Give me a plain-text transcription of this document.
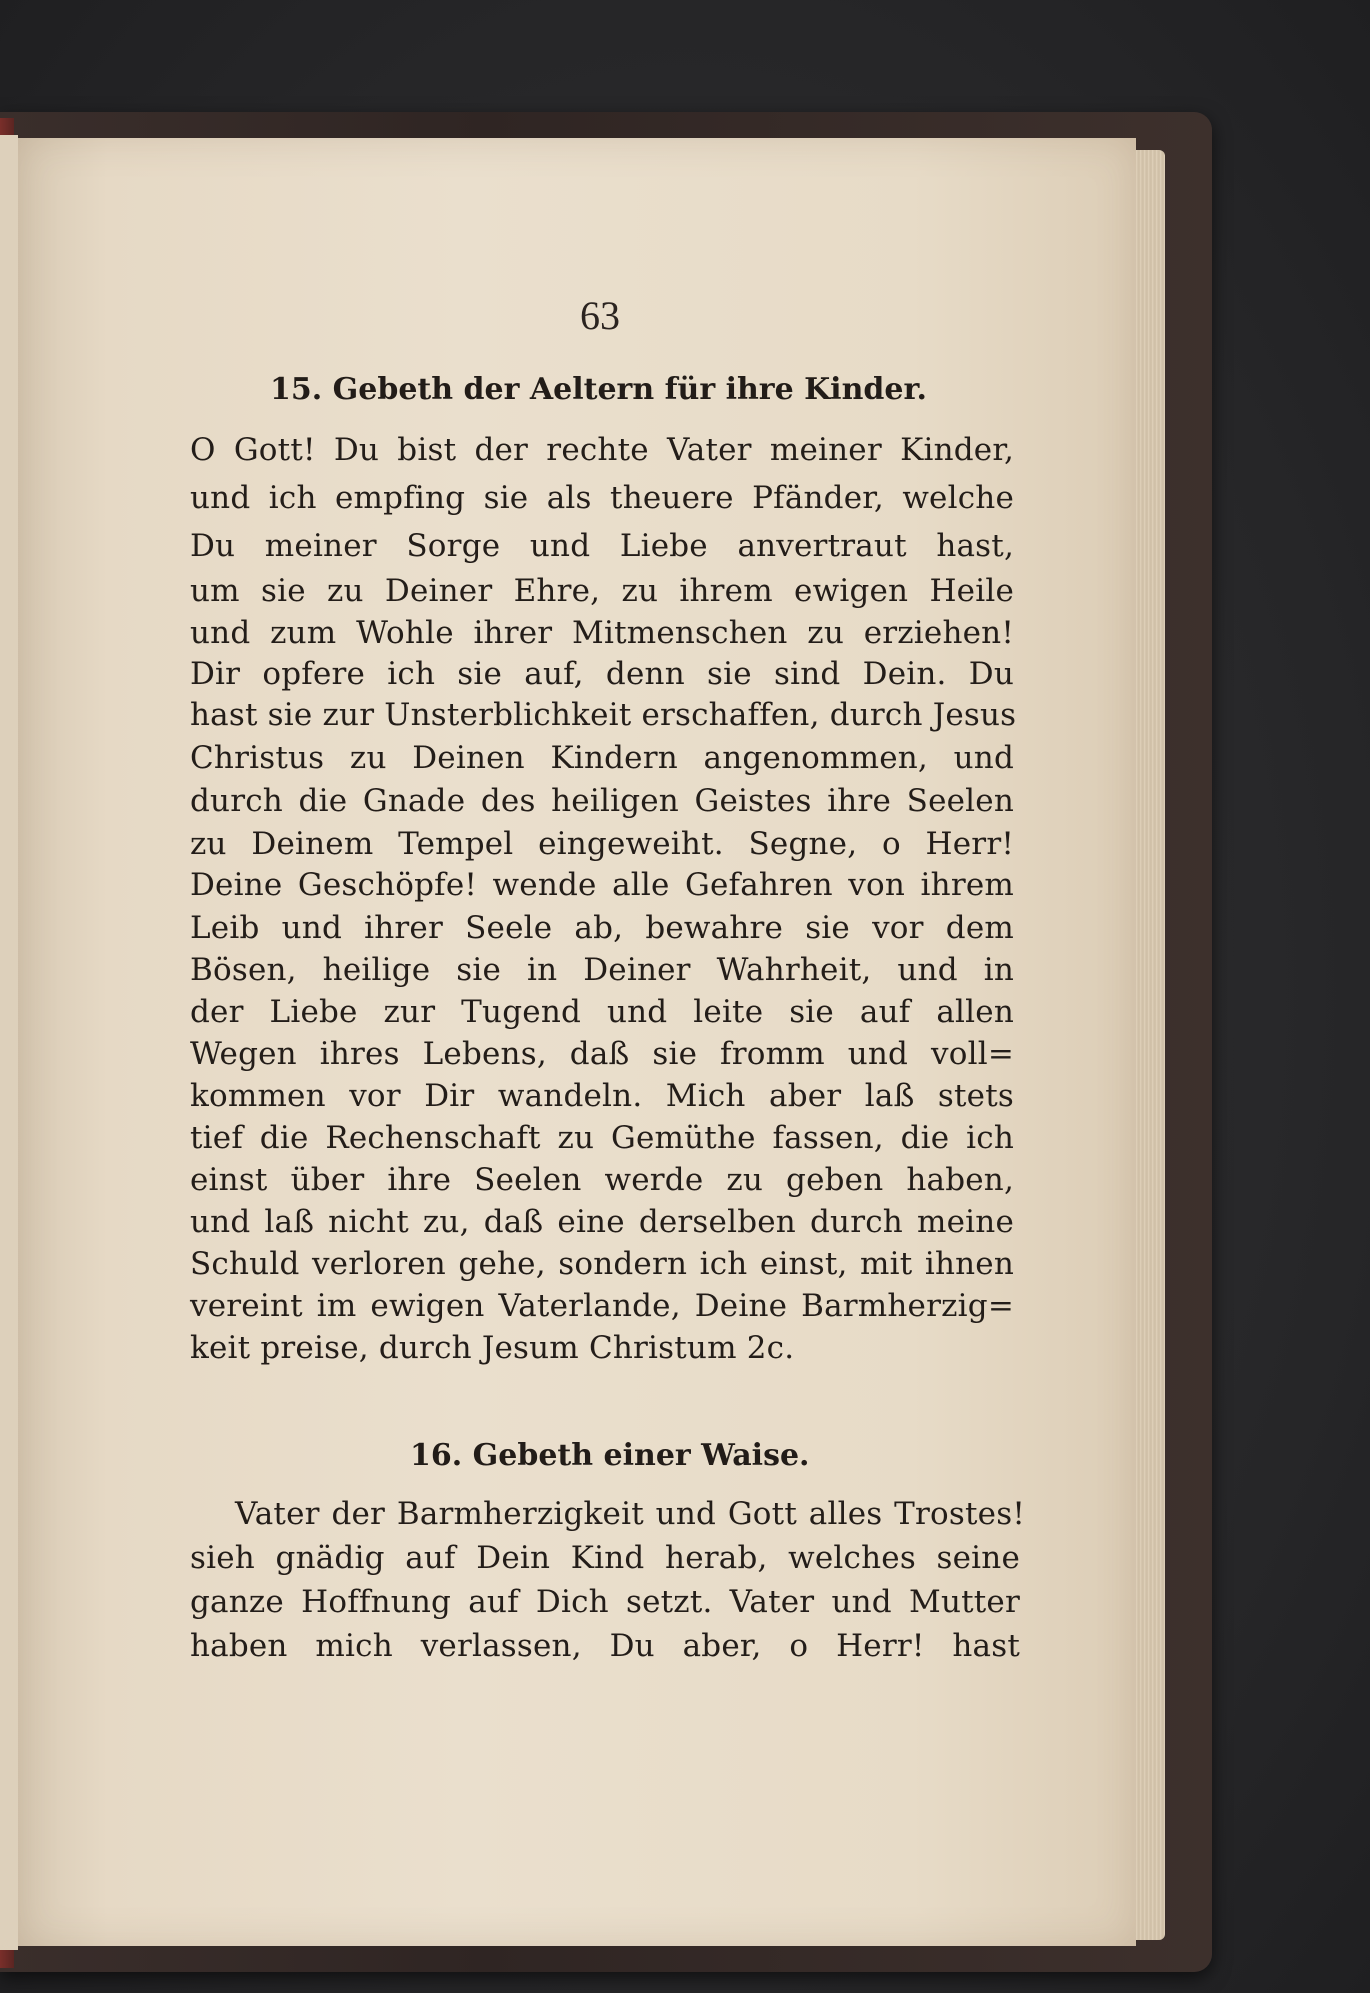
63
15. Gebeth der Aeltern für ihre Kinder.
O Gott! Du bist der rechte Vater meiner Kinder,
und ich empfing sie als theuere Pfänder, welche
Du meiner Sorge und Liebe anvertraut hast,
um sie zu Deiner Ehre, zu ihrem ewigen Heile
und zum Wohle ihrer Mitmenschen zu erziehen!
Dir opfere ich sie auf, denn sie sind Dein. Du
hast sie zur Unsterblichkeit erschaffen, durch Jesus
Christus zu Deinen Kindern angenommen, und
durch die Gnade des heiligen Geistes ihre Seelen
zu Deinem Tempel eingeweiht. Segne, o Herr!
Deine Geschöpfe! wende alle Gefahren von ihrem
Leib und ihrer Seele ab, bewahre sie vor dem
Bösen, heilige sie in Deiner Wahrheit, und in
der Liebe zur Tugend und leite sie auf allen
Wegen ihres Lebens, daß sie fromm und voll=
kommen vor Dir wandeln. Mich aber laß stets
tief die Rechenschaft zu Gemüthe fassen, die ich
einst über ihre Seelen werde zu geben haben,
und laß nicht zu, daß eine derselben durch meine
Schuld verloren gehe, sondern ich einst, mit ihnen
vereint im ewigen Vaterlande, Deine Barmherzig=
keit preise, durch Jesum Christum 2c.
16. Gebeth einer Waise.
Vater der Barmherzigkeit und Gott alles Trostes!
sieh gnädig auf Dein Kind herab, welches seine
ganze Hoffnung auf Dich setzt. Vater und Mutter
haben mich verlassen, Du aber, o Herr! hast
